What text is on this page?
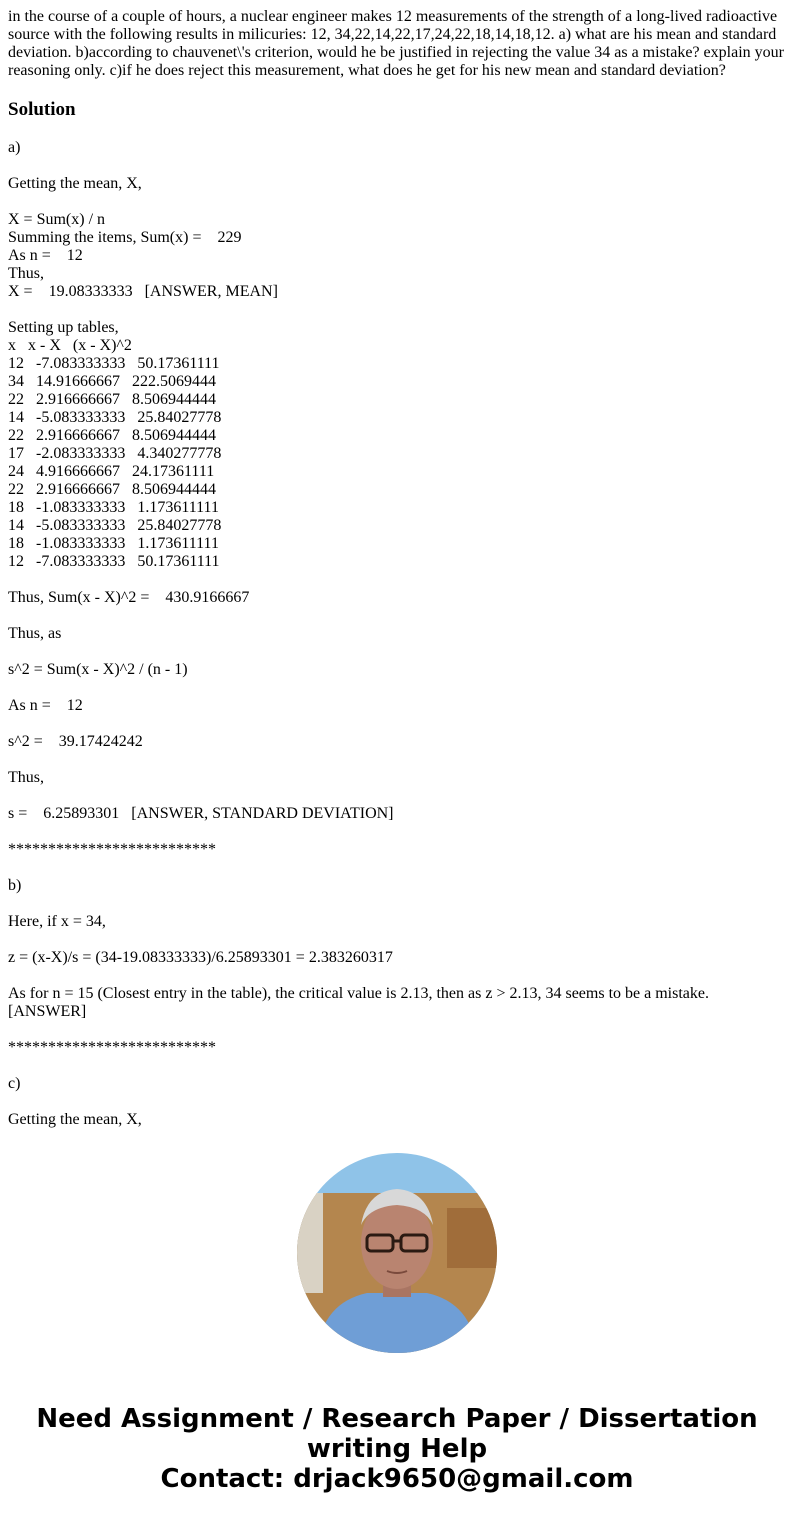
in the course of a couple of hours, a nuclear engineer makes 12 measurements of the strength of a long-lived radioactive source with the following results in milicuries: 12, 34,22,14,22,17,24,22,18,14,18,12. a) what are his mean and standard deviation. b)according to chauvenet\'s criterion, would he be justified in rejecting the value 34 as a mistake? explain your reasoning only. c)if he does reject this measurement, what does he get for his new mean and standard deviation?
Solution
a)
Getting the mean, X,
X = Sum(x) / n
Summing the items, Sum(x) =    229
As n =    12
Thus,
X =    19.08333333   [ANSWER, MEAN]
Setting up tables,
x   x - X   (x - X)^2
12   -7.083333333   50.17361111
34   14.91666667   222.5069444
22   2.916666667   8.506944444
14   -5.083333333   25.84027778
22   2.916666667   8.506944444
17   -2.083333333   4.340277778
24   4.916666667   24.17361111
22   2.916666667   8.506944444
18   -1.083333333   1.173611111
14   -5.083333333   25.84027778
18   -1.083333333   1.173611111
12   -7.083333333   50.17361111
Thus, Sum(x - X)^2 =    430.9166667
Thus, as
s^2 = Sum(x - X)^2 / (n - 1)
As n =    12
s^2 =    39.17424242
Thus,
s =    6.25893301   [ANSWER, STANDARD DEVIATION]
**************************
b)
Here, if x = 34,
z = (x-X)/s = (34-19.08333333)/6.25893301 = 2.383260317
As for n = 15 (Closest entry in the table), the critical value is 2.13, then as z > 2.13, 34 seems to be a mistake. [ANSWER]
**************************
c)
Getting the mean, X,
Need Assignment / Research Paper / Dissertation
writing Help
Contact: drjack9650@gmail.com
